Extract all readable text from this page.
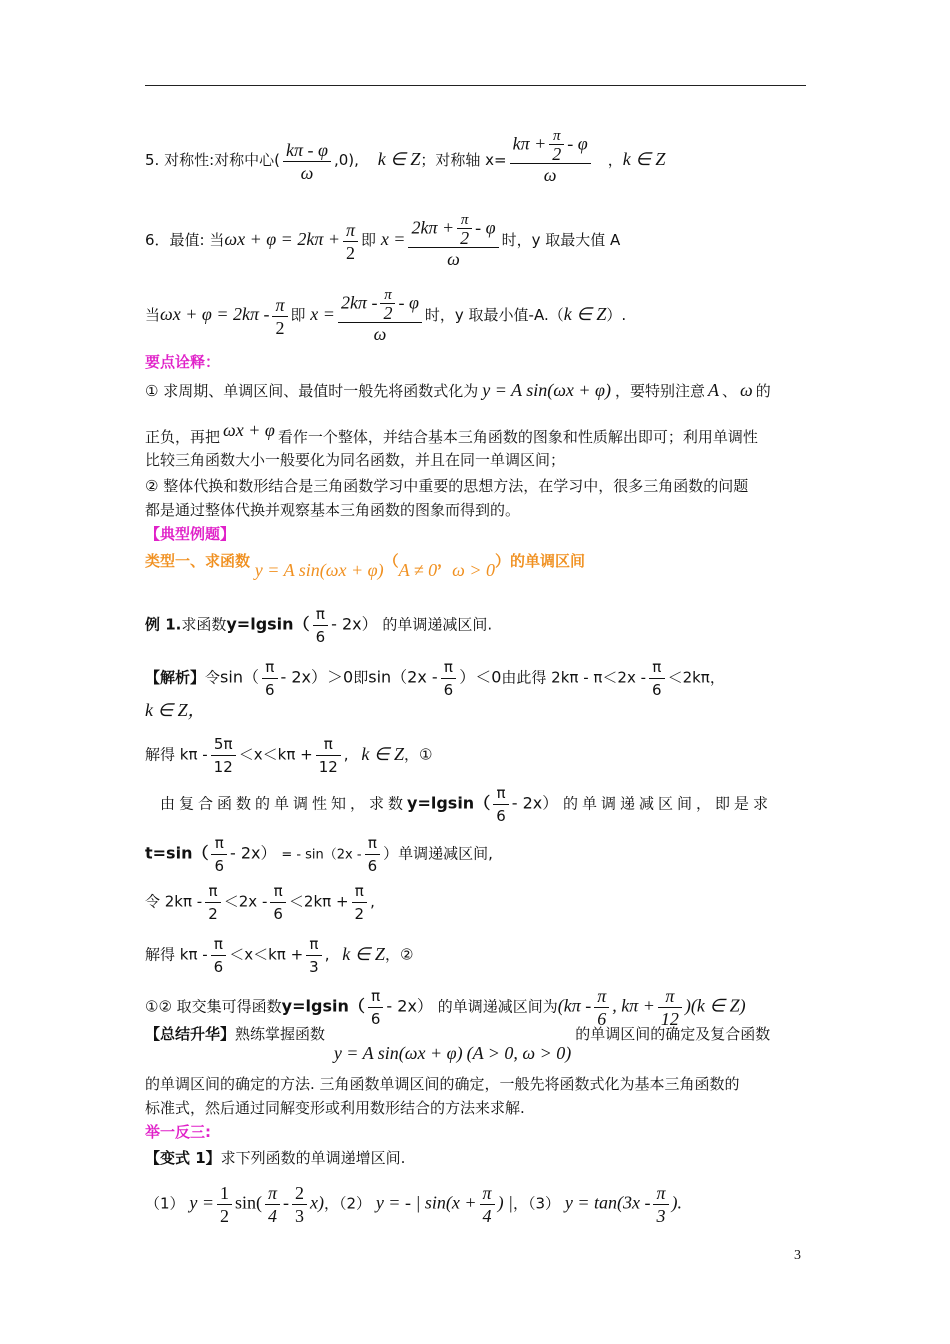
5. 对称性:对称中心( $\frac{k\pi - \varphi}{\omega} ,0$), k ∈ Z；对称轴 $x= \frac{k\pi + \frac{\pi}{2} - \varphi}{\omega}$ ，k ∈ Z
6．最值: 当$\omega x + \varphi = 2k\pi + \frac{\pi}{2}$ 即 $x = \frac{2k\pi + \frac{\pi}{2} - \varphi}{\omega}$ 时，y 取最大值 A
当$\omega x + \varphi = 2k\pi - \frac{\pi}{2}$ 即 $x = \frac{2k\pi - \frac{\pi}{2} - \varphi}{\omega}$ 时，y 取最小值-A.（k ∈ Z）.
要点诠释：
① 求周期、单调区间、最值时一般先将函数式化为 y = A sin(ωx + φ) ，要特别注意 A 、 ω 的
正负，再把 ωx + φ 看作一个整体，并结合基本三角函数的图象和性质解出即可；利用单调性
比较三角函数大小一般要化为同名函数，并且在同一单调区间；
② 整体代换和数形结合是三角函数学习中重要的思想方法，在学习中，很多三角函数的问题
都是通过整体代换并观察基本三角函数的图象而得到的。
【典型例题】
类型一、求函数 y = A sin(ωx + φ)（A ≠ 0，ω > 0）的单调区间
例 1.求函数$y=lgsin( \frac{\pi}{6} - 2x)$ 的单调递减区间.
【解析】令$\sin( \frac{\pi}{6} - 2x)>0$即$\sin(2x - \frac{\pi}{6} )<0$由此得 $2k\pi - \pi<2x - \frac{\pi}{6} <2k\pi$，
k ∈ Z，
解得 $k\pi - \frac{5\pi}{12} <x<k\pi + \frac{\pi}{12}$ , k ∈ Z，①
由复合函数的单调性知，求数$y=lgsin( \frac{\pi}{6} - 2x)$ 的单调递减区间，即是求
$t=\sin( \frac{\pi}{6} - 2x)$ = - $\sin(2x - \frac{\pi}{6}$ ）单调递减区间,
令 $2k\pi - \frac{\pi}{2} <2x - \frac{\pi}{6} <2k\pi + \frac{\pi}{2}$ ,
解得 $k\pi - \frac{\pi}{6} <x<k\pi + \frac{\pi}{3}$ , k ∈ Z，②
①② 取交集可得函数$y=lgsin( \frac{\pi}{6} - 2x)$ 的单调递减区间为($k\pi - \frac{\pi}{6}$ , $k\pi + \frac{\pi}{12} )(k$ ∈ Z)
【总结升华】熟练掌握函数 y = A sin(ωx + φ) (A > 0, ω > 0)的单调区间的确定及复合函数
的单调区间的确定的方法. 三角函数单调区间的确定，一般先将函数式化为基本三角函数的
标准式，然后通过同解变形或利用数形结合的方法来求解.
举一反三:
【变式 1】求下列函数的单调递增区间.
（1） $y = \frac{1}{2} \sin( \frac{\pi}{4} - \frac{2}{3} x)$，（2） y = - | $\sin(x + \frac{\pi}{4}$ ) |，（3） $y = \tan(3x - \frac{\pi}{3}$ ).
3
